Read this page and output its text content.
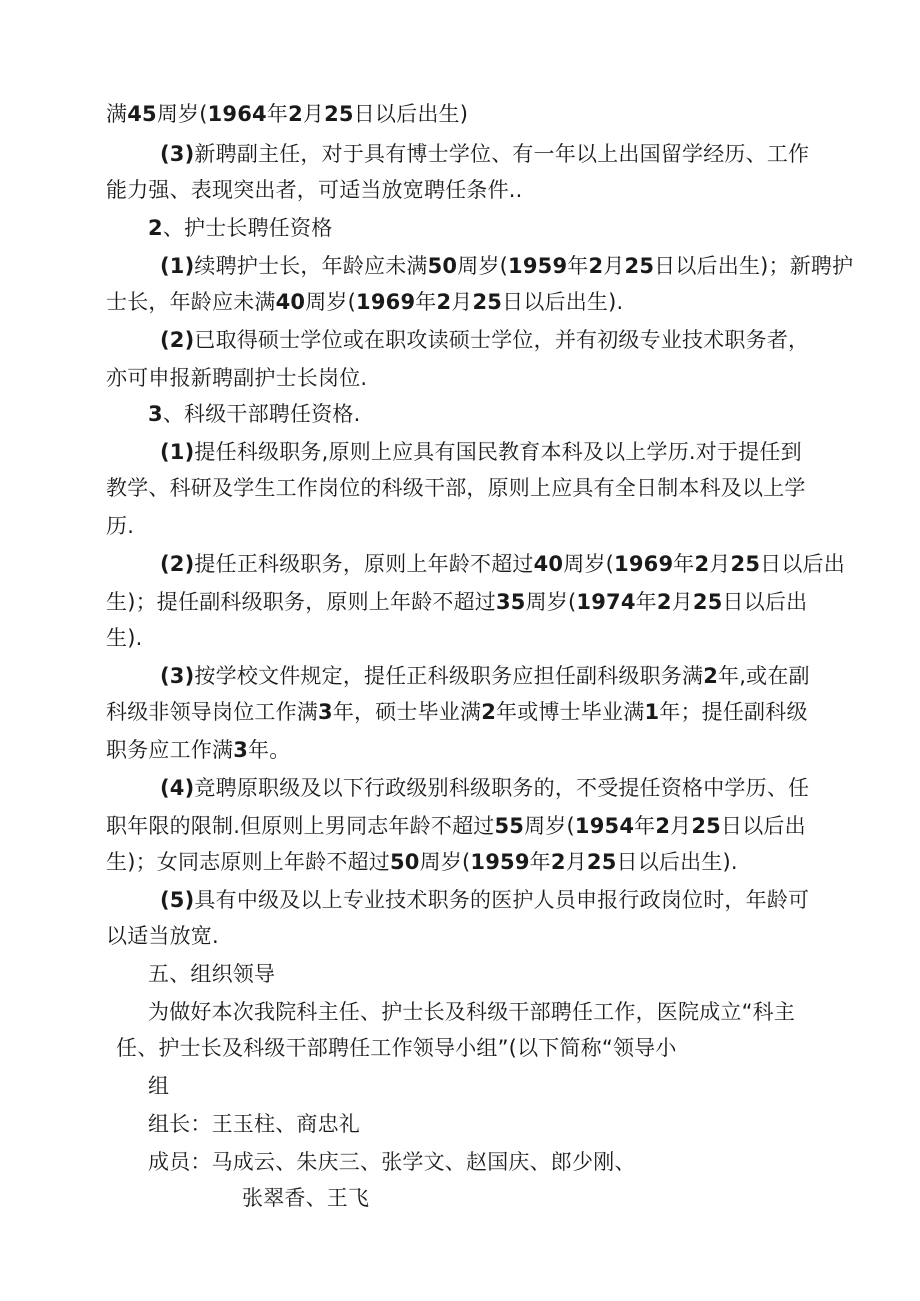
满45周岁(1964年2月25日以后出生)
(3)新聘副主任，对于具有博士学位、有一年以上出国留学经历、工作
能力强、表现突出者，可适当放宽聘任条件..
2、护士长聘任资格
(1)续聘护士长，年龄应未满50周岁(1959年2月25日以后出生)；新聘护
士长，年龄应未满40周岁(1969年2月25日以后出生).
(2)已取得硕士学位或在职攻读硕士学位，并有初级专业技术职务者，
亦可申报新聘副护士长岗位.
3、科级干部聘任资格.
(1)提任科级职务,原则上应具有国民教育本科及以上学历.对于提任到
教学、科研及学生工作岗位的科级干部，原则上应具有全日制本科及以上学
历.
(2)提任正科级职务，原则上年龄不超过40周岁(1969年2月25日以后出
生)；提任副科级职务，原则上年龄不超过35周岁(1974年2月25日以后出
生).
(3)按学校文件规定，提任正科级职务应担任副科级职务满2年,或在副
科级非领导岗位工作满3年，硕士毕业满2年或博士毕业满1年；提任副科级
职务应工作满3年。
(4)竞聘原职级及以下行政级别科级职务的，不受提任资格中学历、任
职年限的限制.但原则上男同志年龄不超过55周岁(1954年2月25日以后出
生)；女同志原则上年龄不超过50周岁(1959年2月25日以后出生).
(5)具有中级及以上专业技术职务的医护人员申报行政岗位时，年龄可
以适当放宽.
五、组织领导
为做好本次我院科主任、护士长及科级干部聘任工作，医院成立“科主
任、护士长及科级干部聘任工作领导小组”(以下简称“领导小
组
组长：王玉柱、商忠礼
成员：马成云、朱庆三、张学文、赵国庆、郎少刚、
张翠香、王飞
